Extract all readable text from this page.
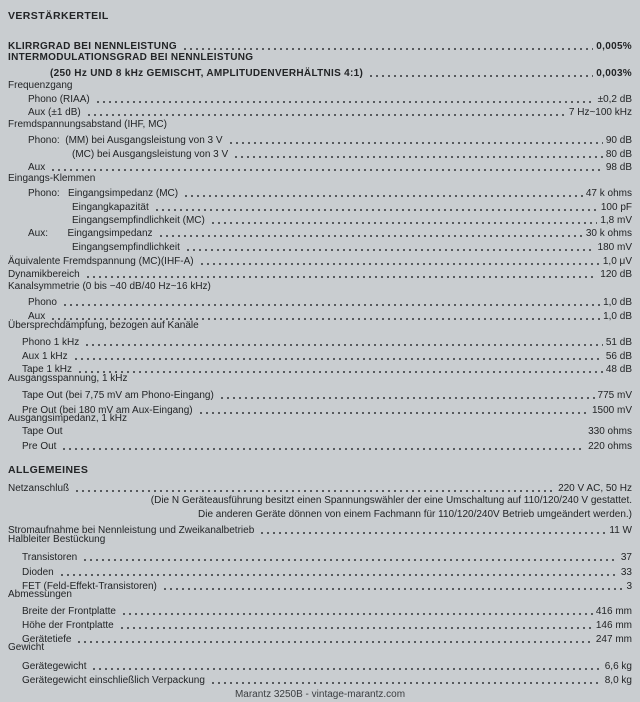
VERSTÄRKERTEIL
KLIRRGRAD BEI NENNLEISTUNG	0,005%
INTERMODULATIONSGRAD BEI NENNLEISTUNG
(250 Hz UND 8 kHz GEMISCHT, AMPLITUDENVERHÄLTNIS 4:1)	0,003%
Frequenzgang
Phono (RIAA)	±0,2 dB
Aux (±1 dB)	7 Hz~100 kHz
Fremdspannungsabstand (IHF, MC)
Phono:  (MM) bei Ausgangsleistung von 3 V	90 dB
(MC) bei Ausgangsleistung von 3 V	80 dB
Aux	98 dB
Eingangs-Klemmen
Phono:   Eingangsimpedanz (MC)	47 k ohms
Eingangkapazität	100 pF
Eingangsempfindlichkeit (MC)	1,8 mV
Aux:       Eingangsimpedanz	30 k ohms
Eingangsempfindlichkeit	180 mV
Äquivalente Fremdspannung (MC)(IHF-A)	1,0 μV
Dynamikbereich	120 dB
Kanalsymmetrie (0 bis −40 dB/40 Hz~16 kHz)
Phono	1,0 dB
Aux	1,0 dB
Übersprechdämpfung, bezogen auf Kanäle
Phono 1 kHz	51 dB
Aux 1 kHz	56 dB
Tape 1 kHz	48 dB
Ausgangsspannung, 1 kHz
Tape Out (bei 7,75 mV am Phono-Eingang)	775 mV
Pre Out (bei 180 mV am Aux-Eingang)	1500 mV
Ausgangsimpedanz, 1 kHz
Tape Out	330 ohms
Pre Out	220 ohms
ALLGEMEINES
Netzanschluß	220 V AC, 50 Hz
(Die N Geräteausführung besitzt einen Spannungswähler der eine Umschaltung auf 110/120/240 V gestattet.
Die anderen Geräte dönnen von einem Fachmann für 110/120/240V Betrieb umgeändert werden.)
Stromaufnahme bei Nennleistung und Zweikanalbetrieb	11 W
Halbleiter Bestückung
Transistoren	37
Dioden	33
FET (Feld-Effekt-Transistoren)	3
Abmessungen
Breite der Frontplatte	416 mm
Höhe der Frontplatte	146 mm
Gerätetiefe	247 mm
Gewicht
Gerätegewicht	6,6 kg
Gerätegewicht einschließlich Verpackung	8,0 kg
Marantz 3250B - vintage-marantz.com
